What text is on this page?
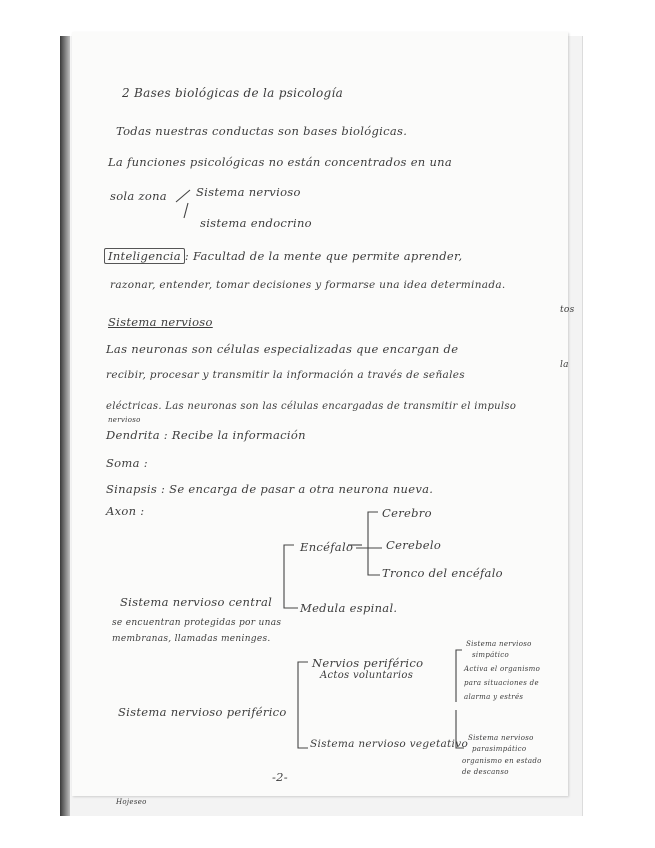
2 Bases biológicas de la psicología
Todas nuestras conductas son bases biológicas.
La funciones psicológicas no están concentrados en una
sola zona	Sistema nervioso
sistema endocrino
Inteligencia : Facultad de la mente que permite aprender,
razonar, entender, tomar decisiones y formarse una idea determinada.
tos
la
Sistema nervioso
Las neuronas son células especializadas que encargan de
recibir, procesar y transmitir la información a través de señales
eléctricas. Las neuronas son las células encargadas de transmitir el impulso
nervioso
Dendrita : Recibe la información
Soma :
Sinapsis : Se encarga de pasar a otra neurona nueva.
Axon :	Cerebro
Cerebelo
Tronco del encéfalo
Encéfalo
Medula espinal.
Sistema nervioso central
se encuentran protegidas por unas
membranas, llamadas meninges.
Sistema nervioso periférico
Nervios periférico
Actos voluntarios
Sistema nervioso vegetativo
Sistema nervioso
simpático
Activa el organismo
para situaciones de
alarma y estrés
Sistema nervioso
parasimpático
organismo en estado
de descanso
-2-
Hojeseo
